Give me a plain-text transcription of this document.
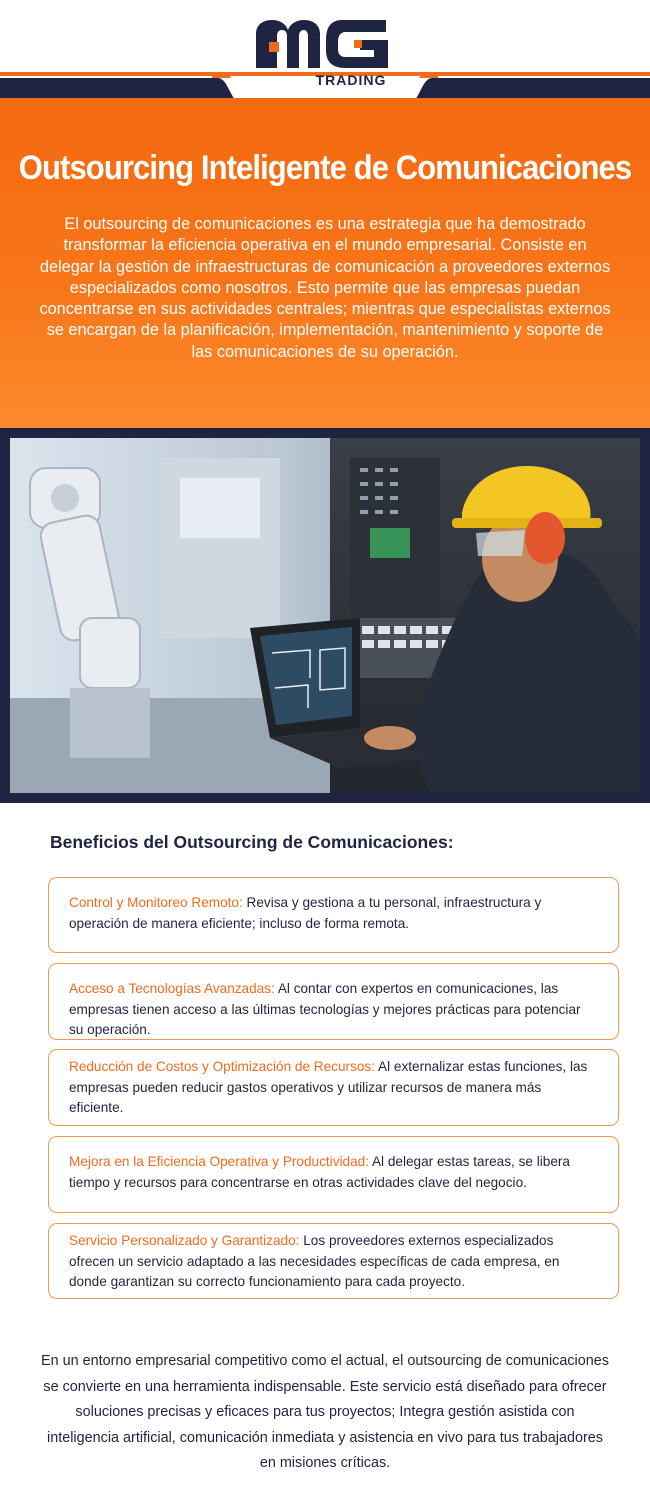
TRADING
Outsourcing Inteligente de Comunicaciones

El outsourcing de comunicaciones es una estrategia que ha demostrado transformar la eficiencia operativa en el mundo empresarial. Consiste en delegar la gestión de infraestructuras de comunicación a proveedores externos especializados como nosotros. Esto permite que las empresas puedan concentrarse en sus actividades centrales; mientras que especialistas externos se encargan de la planificación, implementación, mantenimiento y soporte de las comunicaciones de su operación.

Beneficios del Outsourcing de Comunicaciones:
Control y Monitoreo Remoto: Revisa y gestiona a tu personal, infraestructura y operación de manera eficiente; incluso de forma remota.
Acceso a Tecnologías Avanzadas: Al contar con expertos en comunicaciones, las empresas tienen acceso a las últimas tecnologías y mejores prácticas para potenciar su operación.
Reducción de Costos y Optimización de Recursos: Al externalizar estas funciones, las empresas pueden reducir gastos operativos y utilizar recursos de manera más eficiente.
Mejora en la Eficiencia Operativa y Productividad: Al delegar estas tareas, se libera tiempo y recursos para concentrarse en otras actividades clave del negocio.
Servicio Personalizado y Garantizado: Los proveedores externos especializados ofrecen un servicio adaptado a las necesidades específicas de cada empresa, en donde garantizan su correcto funcionamiento para cada proyecto.

En un entorno empresarial competitivo como el actual, el outsourcing de comunicaciones se convierte en una herramienta indispensable. Este servicio está diseñado para ofrecer soluciones precisas y eficaces para tus proyectos; Integra gestión asistida con inteligencia artificial, comunicación inmediata y asistencia en vivo para tus trabajadores en misiones críticas.
